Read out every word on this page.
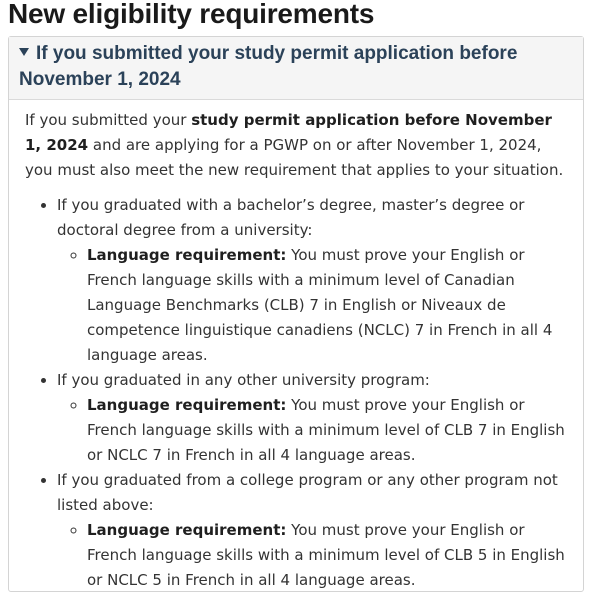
New eligibility requirements
If you submitted your study permit application before November 1, 2024

If you submitted your study permit application before November 1, 2024 and are applying for a PGWP on or after November 1, 2024, you must also meet the new requirement that applies to your situation.

• If you graduated with a bachelor’s degree, master’s degree or doctoral degree from a university:
◦ Language requirement: You must prove your English or French language skills with a minimum level of Canadian Language Benchmarks (CLB) 7 in English or Niveaux de competence linguistique canadiens (NCLC) 7 in French in all 4 language areas.
• If you graduated in any other university program:
◦ Language requirement: You must prove your English or French language skills with a minimum level of CLB 7 in English or NCLC 7 in French in all 4 language areas.
• If you graduated from a college program or any other program not listed above:
◦ Language requirement: You must prove your English or French language skills with a minimum level of CLB 5 in English or NCLC 5 in French in all 4 language areas.
